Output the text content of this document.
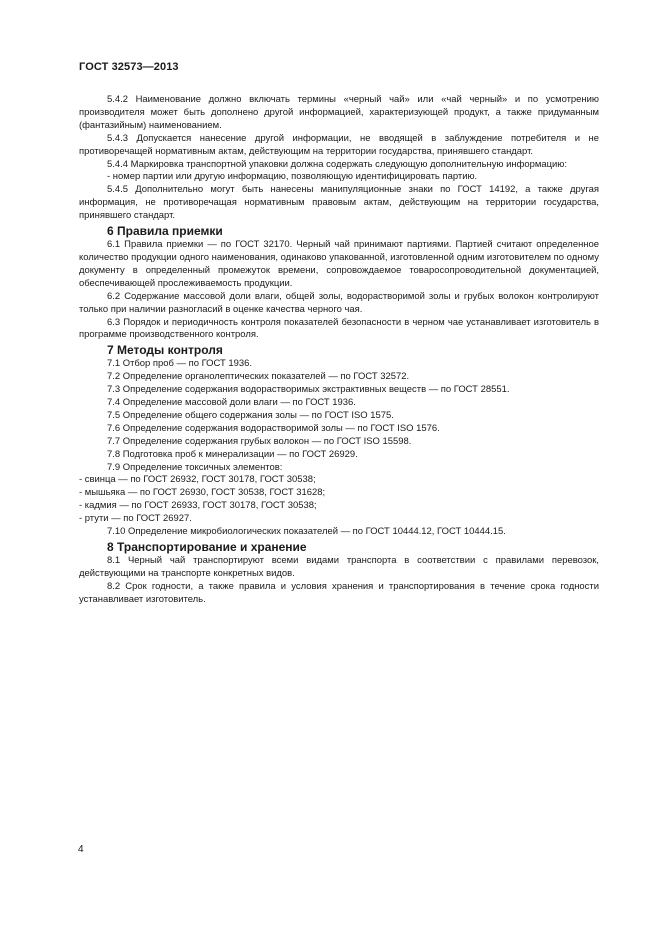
ГОСТ 32573—2013

5.4.2 Наименование должно включать термины «черный чай» или «чай черный» и по усмотрению производителя может быть дополнено другой информацией, характеризующей продукт, а также придуманным (фантазийным) наименованием.

5.4.3 Допускается нанесение другой информации, не вводящей в заблуждение потребителя и не противоречащей нормативным актам, действующим на территории государства, принявшего стандарт.

5.4.4 Маркировка транспортной упаковки должна содержать следующую дополнительную информацию:

- номер партии или другую информацию, позволяющую идентифицировать партию.

5.4.5 Дополнительно могут быть нанесены манипуляционные знаки по ГОСТ 14192, а также другая информация, не противоречащая нормативным правовым актам, действующим на территории государства, принявшего стандарт.

6 Правила приемки

6.1 Правила приемки — по ГОСТ 32170. Черный чай принимают партиями. Партией считают определенное количество продукции одного наименования, одинаково упакованной, изготовленной одним изготовителем по одному документу в определенный промежуток времени, сопровождаемое товаросопроводительной документацией, обеспечивающей прослеживаемость продукции.

6.2 Содержание массовой доли влаги, общей золы, водорастворимой золы и грубых волокон контролируют только при наличии разногласий в оценке качества черного чая.

6.3 Порядок и периодичность контроля показателей безопасности в черном чае устанавливает изготовитель в программе производственного контроля.

7 Методы контроля

7.1 Отбор проб — по ГОСТ 1936.

7.2 Определение органолептических показателей — по ГОСТ 32572.

7.3 Определение содержания водорастворимых экстрактивных веществ — по ГОСТ 28551.

7.4 Определение массовой доли влаги — по ГОСТ 1936.

7.5 Определение общего содержания золы — по ГОСТ ISO 1575.

7.6 Определение содержания водорастворимой золы — по ГОСТ ISO 1576.

7.7 Определение содержания грубых волокон — по ГОСТ ISO 15598.

7.8 Подготовка проб к минерализации — по ГОСТ 26929.

7.9 Определение токсичных элементов:

- свинца — по ГОСТ 26932, ГОСТ 30178, ГОСТ 30538;

- мышьяка — по ГОСТ 26930, ГОСТ 30538, ГОСТ 31628;

- кадмия — по ГОСТ 26933, ГОСТ 30178, ГОСТ 30538;

- ртути — по ГОСТ 26927.

7.10 Определение микробиологических показателей — по ГОСТ 10444.12, ГОСТ 10444.15.

8 Транспортирование и хранение

8.1 Черный чай транспортируют всеми видами транспорта в соответствии с правилами перевозок, действующими на транспорте конкретных видов.

8.2 Срок годности, а также правила и условия хранения и транспортирования в течение срока годности устанавливает изготовитель.

4
